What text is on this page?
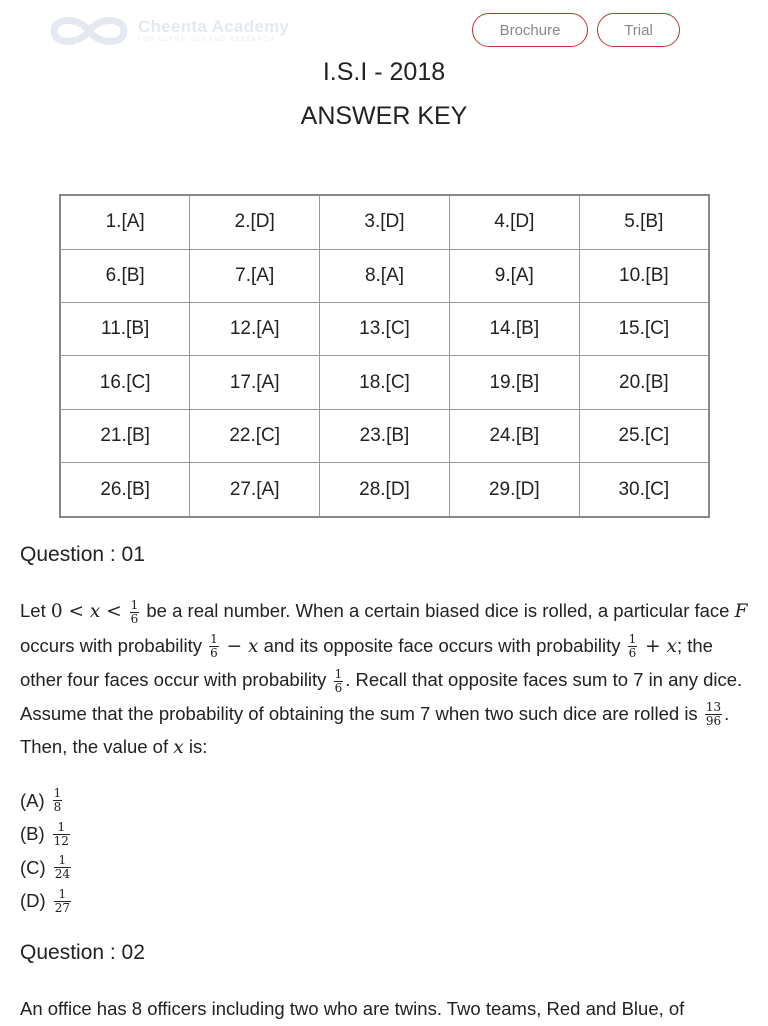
Cheenta Academy
FOR OLYMPIADS AND RESEARCH
Brochure	Trial
I.S.I - 2018
ANSWER KEY
1.[A]	2.[D]	3.[D]	4.[D]	5.[B]
6.[B]	7.[A]	8.[A]	9.[A]	10.[B]
11.[B]	12.[A]	13.[C]	14.[B]	15.[C]
16.[C]	17.[A]	18.[C]	19.[B]	20.[B]
21.[B]	22.[C]	23.[B]	24.[B]	25.[C]
26.[B]	27.[A]	28.[D]	29.[D]	30.[C]
Question : 01
Let $0 < x < \frac{1}{6}$ be a real number. When a certain biased dice is rolled, a particular face F occurs with probability $\frac{1}{6} - x$ and its opposite face occurs with probability $\frac{1}{6} + x$; the other four faces occur with probability $\frac{1}{6}$ . Recall that opposite faces sum to 7 in any dice. Assume that the probability of obtaining the sum 7 when two such dice are rolled is $\frac{13}{96}$ . Then, the value of x is:
$(A) \frac{1}{8}$
$(B) \frac{1}{12}$
$(C) \frac{1}{24}$
$(D) \frac{1}{27}$
Question : 02
An office has 8 officers including two who are twins. Two teams, Red and Blue, of
